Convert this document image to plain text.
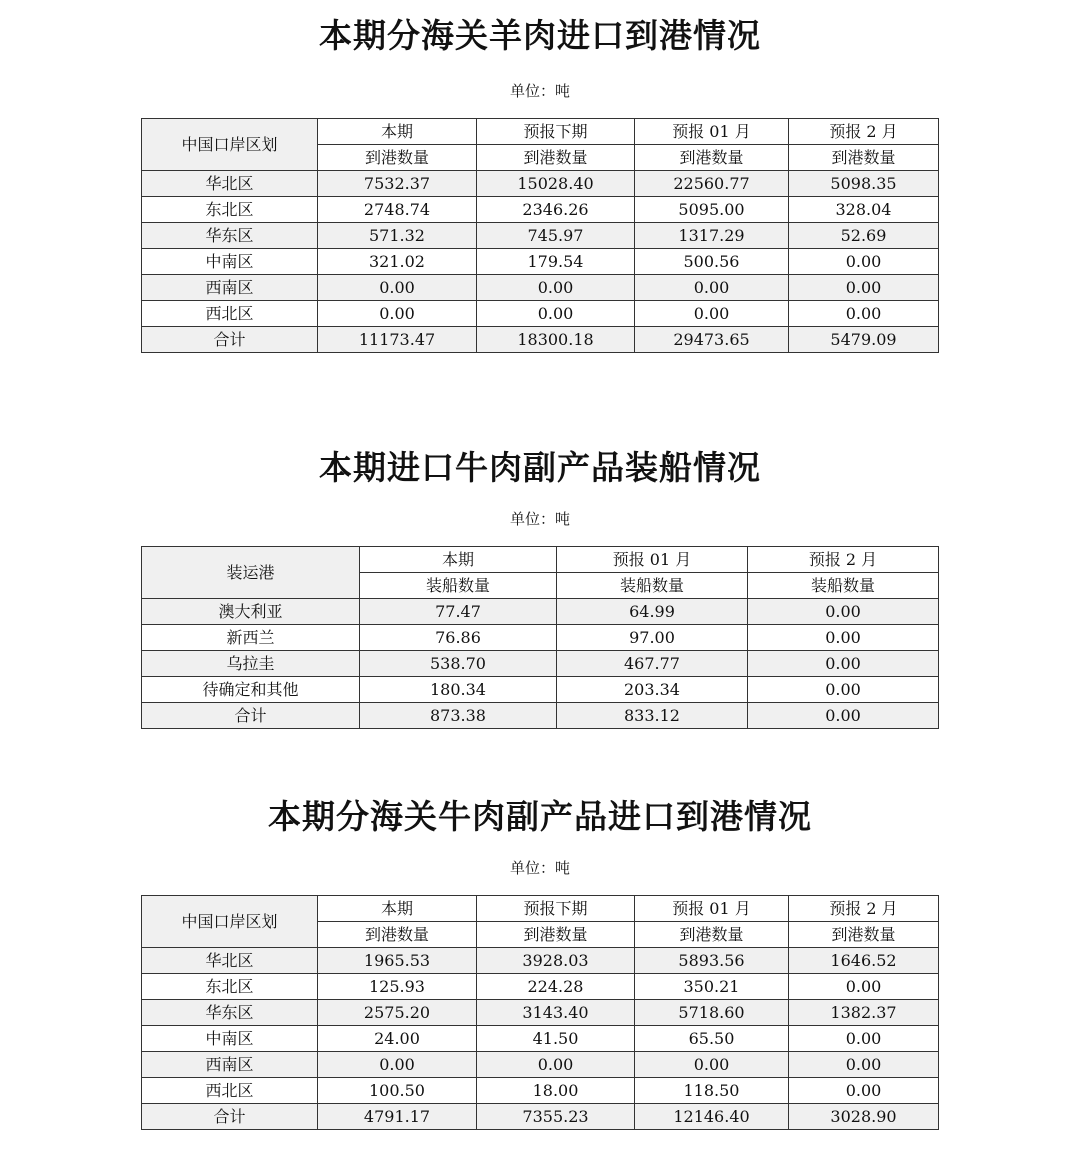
本期分海关羊肉进口到港情况
单位：吨
中国口岸区划	本期	预报下期	预报 01 月	预报 2 月
	到港数量	到港数量	到港数量	到港数量
华北区	7532.37	15028.40	22560.77	5098.35
东北区	2748.74	2346.26	5095.00	328.04
华东区	571.32	745.97	1317.29	52.69
中南区	321.02	179.54	500.56	0.00
西南区	0.00	0.00	0.00	0.00
西北区	0.00	0.00	0.00	0.00
合计	11173.47	18300.18	29473.65	5479.09
本期进口牛肉副产品装船情况
单位：吨
装运港	本期	预报 01 月	预报 2 月
	装船数量	装船数量	装船数量
澳大利亚	77.47	64.99	0.00
新西兰	76.86	97.00	0.00
乌拉圭	538.70	467.77	0.00
待确定和其他	180.34	203.34	0.00
合计	873.38	833.12	0.00
本期分海关牛肉副产品进口到港情况
单位：吨
中国口岸区划	本期	预报下期	预报 01 月	预报 2 月
	到港数量	到港数量	到港数量	到港数量
华北区	1965.53	3928.03	5893.56	1646.52
东北区	125.93	224.28	350.21	0.00
华东区	2575.20	3143.40	5718.60	1382.37
中南区	24.00	41.50	65.50	0.00
西南区	0.00	0.00	0.00	0.00
西北区	100.50	18.00	118.50	0.00
合计	4791.17	7355.23	12146.40	3028.90
